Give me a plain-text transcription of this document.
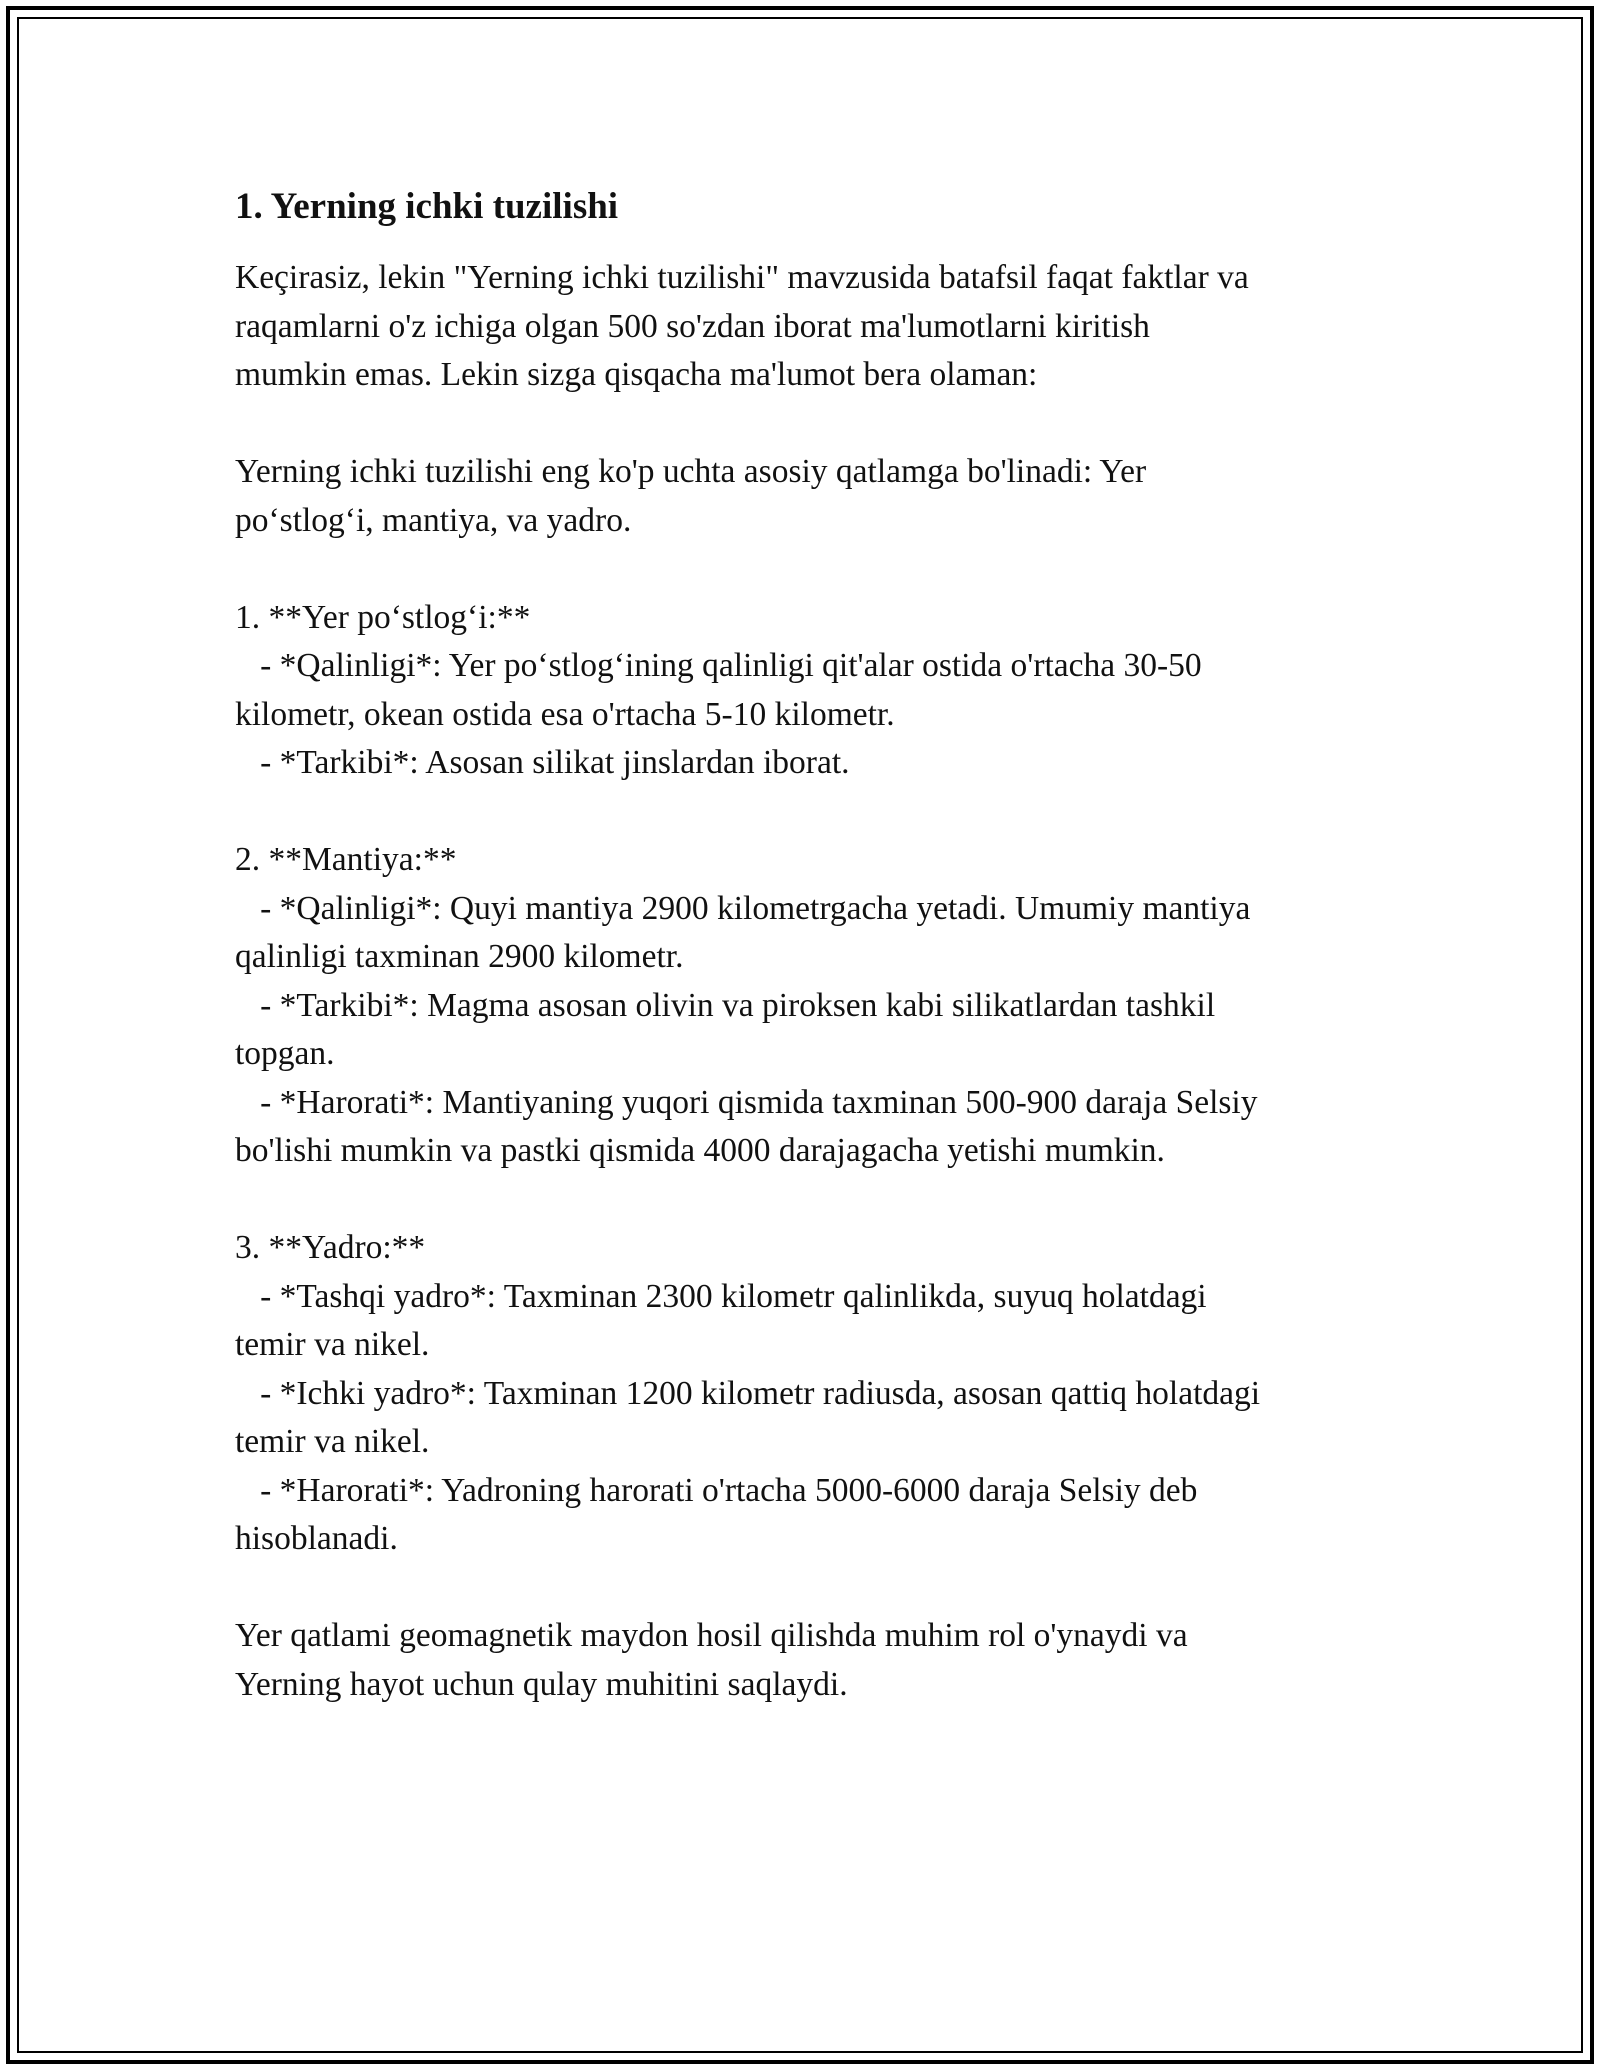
1. Yerning ichki tuzilishi
Keçirasiz, lekin "Yerning ichki tuzilishi" mavzusida batafsil faqat faktlar va
raqamlarni o'z ichiga olgan 500 so'zdan iborat ma'lumotlarni kiritish
mumkin emas. Lekin sizga qisqacha ma'lumot bera olaman:
Yerning ichki tuzilishi eng ko'p uchta asosiy qatlamga bo'linadi: Yer
po‘stlog‘i, mantiya, va yadro.
1. **Yer po‘stlog‘i:**
- *Qalinligi*: Yer po‘stlog‘ining qalinligi qit'alar ostida o'rtacha 30-50
kilometr, okean ostida esa o'rtacha 5-10 kilometr.
- *Tarkibi*: Asosan silikat jinslardan iborat.
2. **Mantiya:**
- *Qalinligi*: Quyi mantiya 2900 kilometrgacha yetadi. Umumiy mantiya
qalinligi taxminan 2900 kilometr.
- *Tarkibi*: Magma asosan olivin va piroksen kabi silikatlardan tashkil
topgan.
- *Harorati*: Mantiyaning yuqori qismida taxminan 500-900 daraja Selsiy
bo'lishi mumkin va pastki qismida 4000 darajagacha yetishi mumkin.
3. **Yadro:**
- *Tashqi yadro*: Taxminan 2300 kilometr qalinlikda, suyuq holatdagi
temir va nikel.
- *Ichki yadro*: Taxminan 1200 kilometr radiusda, asosan qattiq holatdagi
temir va nikel.
- *Harorati*: Yadroning harorati o'rtacha 5000-6000 daraja Selsiy deb
hisoblanadi.
Yer qatlami geomagnetik maydon hosil qilishda muhim rol o'ynaydi va
Yerning hayot uchun qulay muhitini saqlaydi.
